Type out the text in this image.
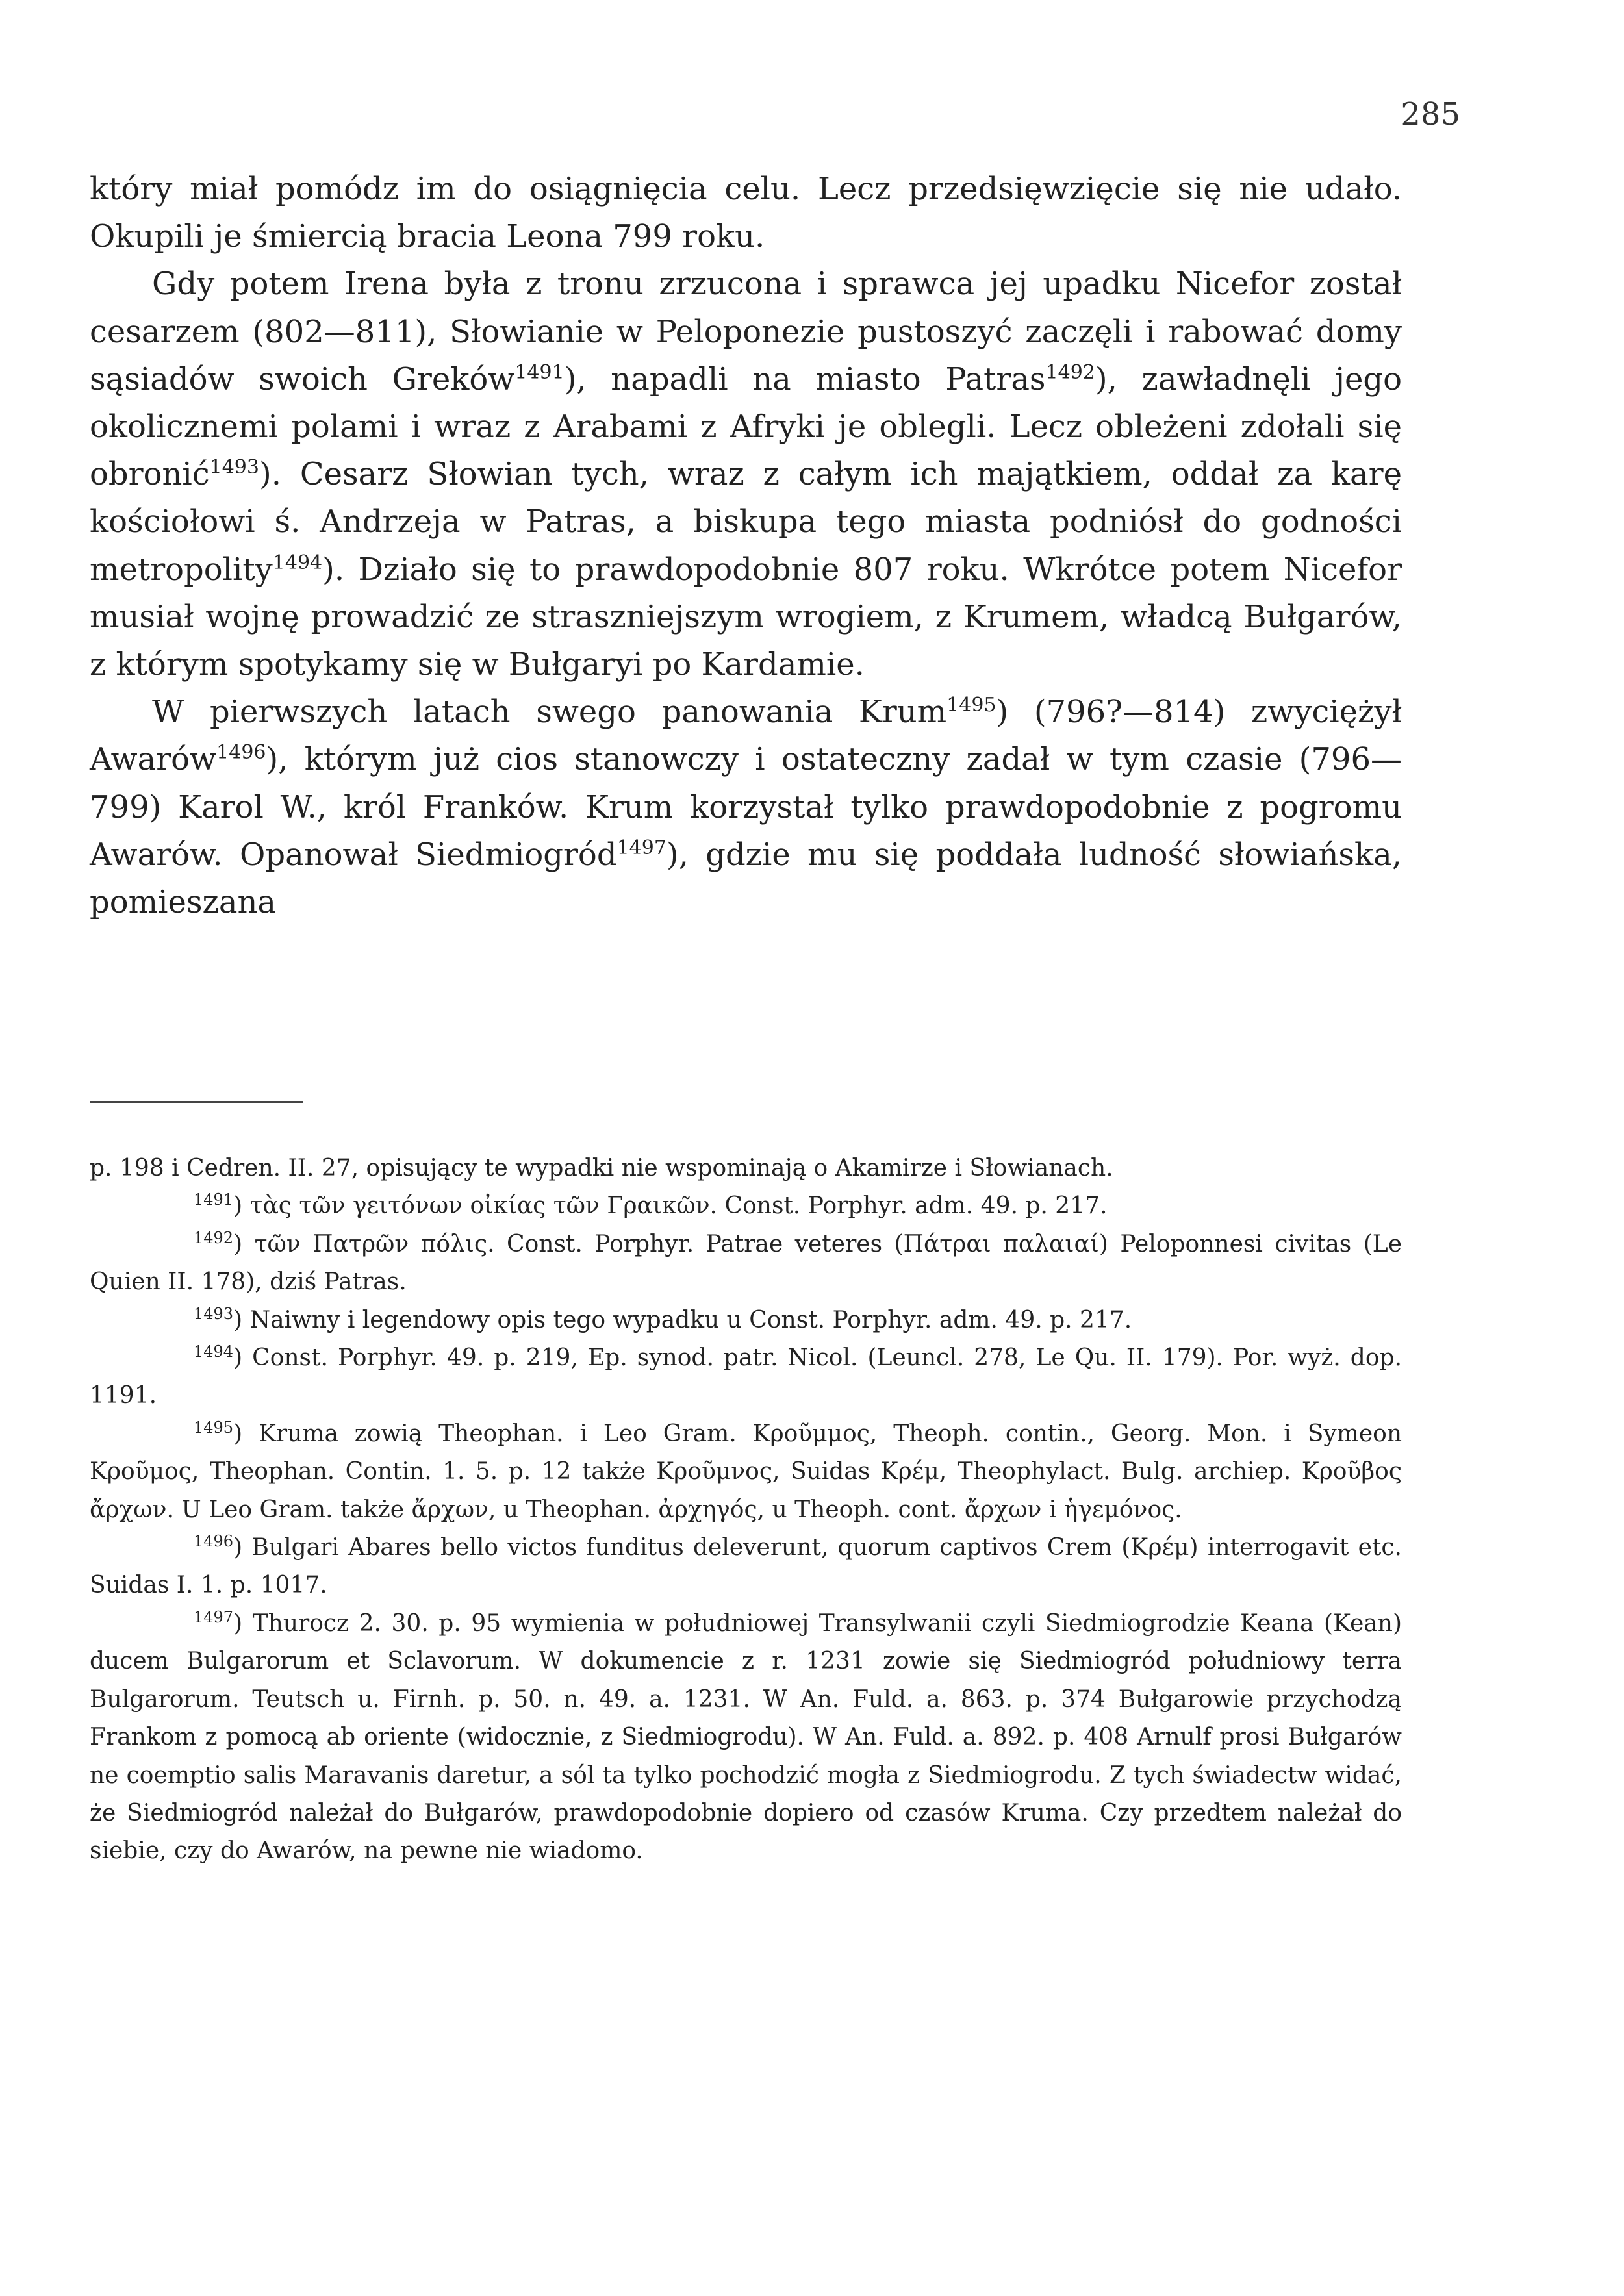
285

który miał pomódz im do osiągnięcia celu. Lecz przedsięwzięcie się nie udało. Okupili je śmiercią bracia Leona 799 roku.

Gdy potem Irena była z tronu zrzucona i sprawca jej upadku Nicefor został cesarzem (802—811), Słowianie w Peloponezie pustoszyć zaczęli i rabować domy sąsiadów swoich Greków$^{1491}$), napadli na miasto Patras$^{1492}$), zawładnęli jego okolicznemi polami i wraz z Arabami z Afryki je oblegli. Lecz obleżeni zdołali się obronić$^{1493}$). Cesarz Słowian tych, wraz z całym ich majątkiem, oddał za karę kościołowi ś. Andrzeja w Patras, a biskupa tego miasta podniósł do godności metropolity$^{1494}$). Działo się to prawdopodobnie 807 roku. Wkrótce potem Nicefor musiał wojnę prowadzić ze straszniejszym wrogiem, z Krumem, władcą Bułgarów, z którym spotykamy się w Bułgaryi po Kardamie.

W pierwszych latach swego panowania Krum$^{1495}$) (796?—814) zwyciężył Awarów$^{1496}$), którym już cios stanowczy i ostateczny zadał w tym czasie (796—799) Karol W., król Franków. Krum korzystał tylko prawdopodobnie z pogromu Awarów. Opanował Siedmiogród$^{1497}$), gdzie mu się poddała ludność słowiańska, pomieszana

p. 198 i Cedren. II. 27, opisujący te wypadki nie wspominają o Akamirze i Słowianach.

$^{1491}$) τὰς τῶν γειτόνων οἰκίας τῶν Γραικῶν. Const. Porphyr. adm. 49. p. 217.

$^{1492}$) τῶν Πατρῶν πόλις. Const. Porphyr. Patrae veteres (Πάτραι παλαιαί) Peloponnesi civitas (Le Quien II. 178), dziś Patras.

$^{1493}$) Naiwny i legendowy opis tego wypadku u Const. Porphyr. adm. 49. p. 217.

$^{1494}$) Const. Porphyr. 49. p. 219, Ep. synod. patr. Nicol. (Leuncl. 278, Le Qu. II. 179). Por. wyż. dop. 1191.

$^{1495}$) Kruma zowią Theophan. i Leo Gram. Κροῦμμος, Theoph. contin., Georg. Mon. i Symeon Κροῦμος, Theophan. Contin. 1. 5. p. 12 także Κροῦμνος, Suidas Κρέμ, Theophylact. Bulg. archiep. Κροῦβος ἄρχων. U Leo Gram. także ἄρχων, u Theophan. ἀρχηγός, u Theoph. cont. ἄρχων i ἡγεμόνος.

$^{1496}$) Bulgari Abares bello victos funditus deleverunt, quorum captivos Crem (Κρέμ) interrogavit etc. Suidas I. 1. p. 1017.

$^{1497}$) Thurocz 2. 30. p. 95 wymienia w południowej Transylwanii czyli Siedmiogrodzie Keana (Kean) ducem Bulgarorum et Sclavorum. W dokumencie z r. 1231 zowie się Siedmiogród południowy terra Bulgarorum. Teutsch u. Firnh. p. 50. n. 49. a. 1231. W An. Fuld. a. 863. p. 374 Bułgarowie przychodzą Frankom z pomocą ab oriente (widocznie, z Siedmiogrodu). W An. Fuld. a. 892. p. 408 Arnulf prosi Bułgarów ne coemptio salis Maravanis daretur, a sól ta tylko pochodzić mogła z Siedmiogrodu. Z tych świadectw widać, że Siedmiogród należał do Bułgarów, prawdopodobnie dopiero od czasów Kruma. Czy przedtem należał do siebie, czy do Awarów, na pewne nie wiadomo.
